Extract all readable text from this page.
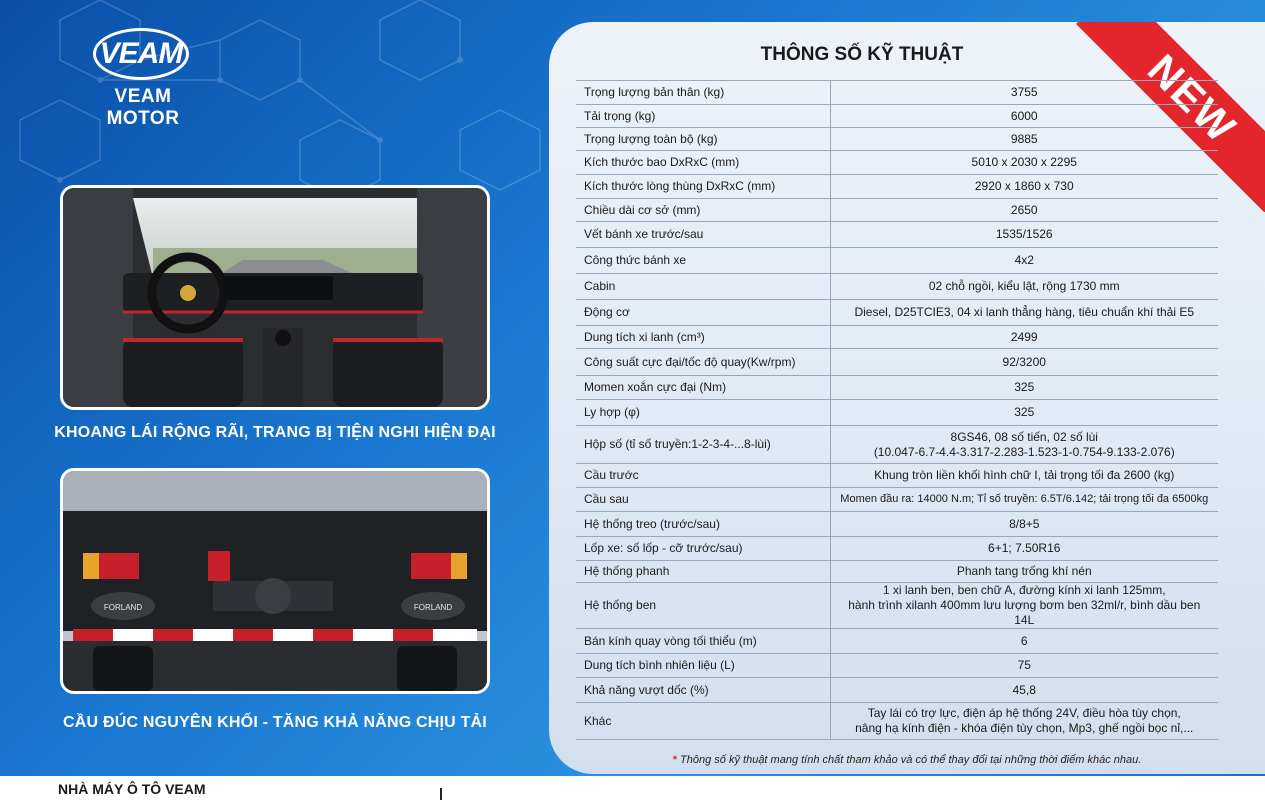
VEAM
VEAM MOTOR
KHOANG LÁI RỘNG RÃI, TRANG BỊ TIỆN NGHI HIỆN ĐẠI
FORLAND	FORLAND
CẦU ĐÚC NGUYÊN KHỐI - TĂNG KHẢ NĂNG CHỊU TẢI
NEW
THÔNG SỐ KỸ THUẬT
Trọng lượng bản thân (kg)	3755

Tải trọng (kg)	6000

Trọng lượng toàn bộ (kg)	9885

Kích thước bao DxRxC (mm)	5010 x 2030 x 2295

Kích thước lòng thùng DxRxC (mm)	2920 x 1860 x 730

Chiều dài cơ sở (mm)	2650

Vết bánh xe trước/sau	1535/1526

Công thức bánh xe	4x2

Cabin	02 chỗ ngồi, kiểu lật, rộng 1730 mm

Động cơ	Diesel, D25TCIE3, 04 xi lanh thẳng hàng, tiêu chuẩn khí thải E5

Dung tích xi lanh (cm³)	2499

Công suất cực đại/tốc độ quay(Kw/rpm)	92/3200

Momen xoắn cực đại (Nm)	325

Ly hợp (φ)	325

Hộp số (tỉ số truyền:1-2-3-4-...8-lùi)	8GS46, 08 số tiến, 02 số lùi
(10.047-6.7-4.4-3.317-2.283-1.523-1-0.754-9.133-2.076)

Cầu trước	Khung tròn liền khối hình chữ I, tải trọng tối đa 2600 (kg)

Cầu sau	Momen đầu ra: 14000 N.m; Tỉ số truyền: 6.5T/6.142; tải trọng tối đa 6500kg

Hệ thống treo (trước/sau)	8/8+5

Lốp xe: số lốp - cỡ trước/sau)	6+1; 7.50R16

Hệ thống phanh	Phanh tang trống khí nén

Hệ thống ben	1 xi lanh ben, ben chữ A, đường kính xi lanh 125mm,
hành trình xilanh 400mm lưu lượng bơm ben 32ml/r, bình dầu ben 14L

Bán kính quay vòng tối thiểu (m)	6

Dung tích bình nhiên liệu (L)	75

Khả năng vượt dốc (%)	45,8

Khác	Tay lái có trợ lực, điện áp hệ thống 24V, điều hòa tùy chọn,
nâng hạ kính điện - khóa điện tùy chọn, Mp3, ghế ngồi bọc nỉ,...
* Thông số kỹ thuật mang tính chất tham khảo và có thể thay đổi tại những thời điểm khác nhau.
NHÀ MÁY Ô TÔ VEAM
